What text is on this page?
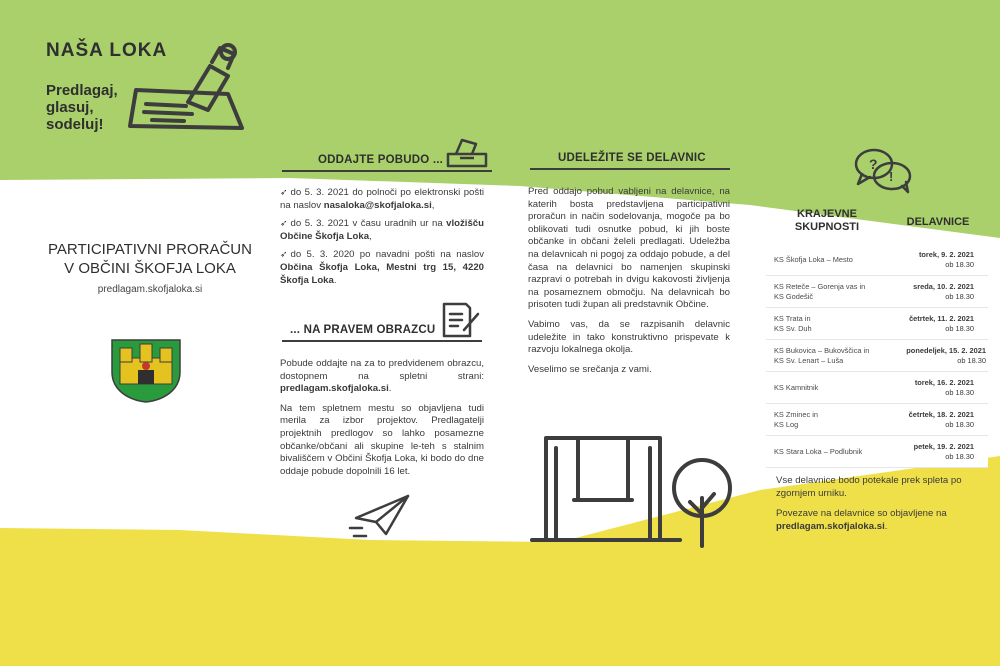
NAŠA LOKA
Predlagaj,
glasuj,
sodeluj!
PARTICIPATIVNI PRORAČUN
V OBČINI ŠKOFJA LOKA
predlagam.skofjaloka.si
ODDAJTE POBUDO ...
➶ do 5. 3. 2021 do polnoči po elektronski pošti na naslov nasaloka@skofjaloka.si,
➶ do 5. 3. 2021 v času uradnih ur na vložišču Občine Škofja Loka,
➶ do 5. 3. 2020 po navadni pošti na naslov Občina Škofja Loka, Mestni trg 15, 4220 Škofja Loka.
... NA PRAVEM OBRAZCU
Pobude oddajte na za to predvidenem obrazcu, dostopnem na spletni strani: predlagam.skofjaloka.si.
Na tem spletnem mestu so objavljena tudi merila za izbor projektov. Predlagatelji projektnih predlogov so lahko posamezne občanke/občani ali skupine le-teh s stalnim bivališčem v Občini Škofja Loka, ki bodo do dne oddaje pobude dopolnili 16 let.
UDELEŽITE SE DELAVNIC
Pred oddajo pobud vabljeni na delavnice, na katerih bosta predstavljena participativni proračun in način sodelovanja, mogoče pa bo oblikovati tudi osnutke pobud, ki jih boste občanke in občani želeli predlagati. Udeležba na delavnicah ni pogoj za oddajo pobude, a del časa na delavnici bo namenjen skupinski razpravi o potrebah in dvigu kakovosti življenja na posameznem območju. Na delavnicah bo prisoten tudi župan ali predstavnik Občine.
Vabimo vas, da se razpisanih delavnic udeležite in tako konstruktivno prispevate k razvoju lokalnega okolja.
Veselimo se srečanja z vami.
?
!
KRAJEVNE
SKUPNOSTI	DELAVNICE
KS Škofja Loka – Mesto
torek, 9. 2. 2021
ob 18.30
KS Reteče – Gorenja vas in
KS Godešič
sreda, 10. 2. 2021
ob 18.30
KS Trata in
KS Sv. Duh
četrtek, 11. 2. 2021
ob 18.30
KS Bukovica – Bukovščica in
KS Sv. Lenart – Luša
ponedeljek, 15. 2. 2021
ob 18.30
KS Kamnitnik
torek, 16. 2. 2021
ob 18.30
KS Zminec in
KS Log
četrtek, 18. 2. 2021
ob 18.30
KS Stara Loka – Podlubnik
petek, 19. 2. 2021
ob 18.30
Vse delavnice bodo potekale prek spleta po zgornjem urniku.
Povezave na delavnice so objavljene na predlagam.skofjaloka.si.
